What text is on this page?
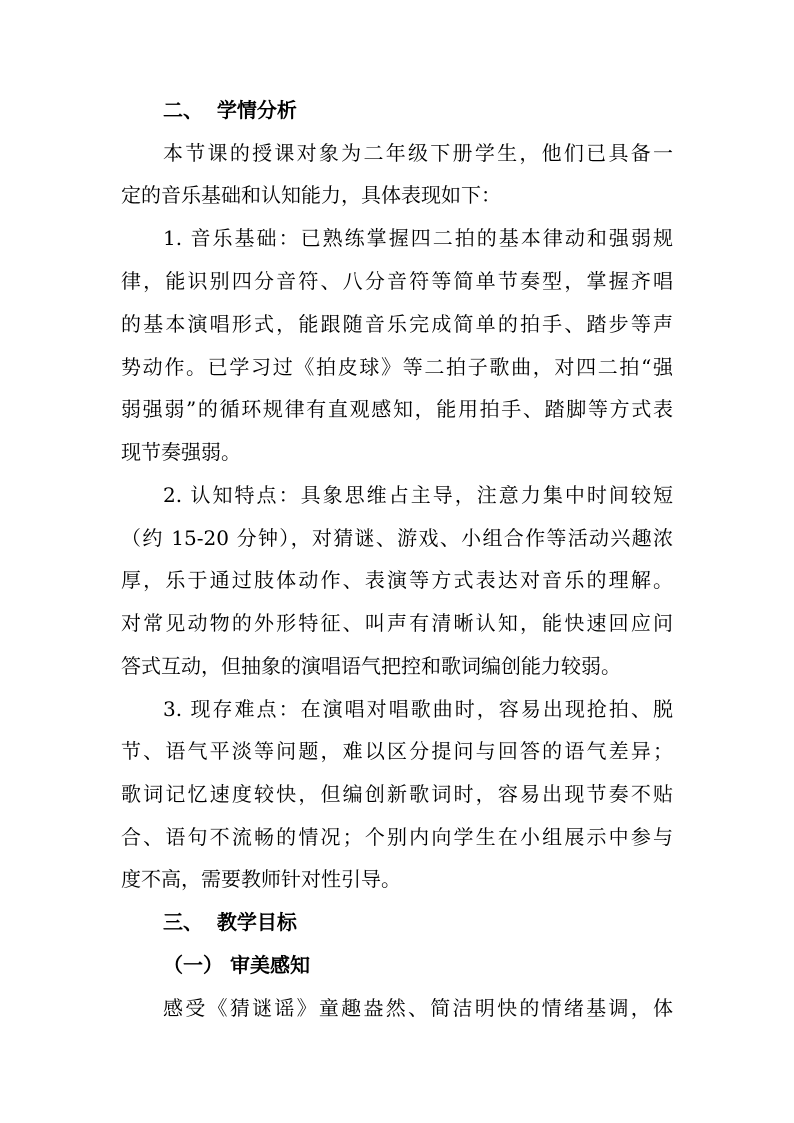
二、  学情分析
本节课的授课对象为二年级下册学生，他们已具备一
定的音乐基础和认知能力，具体表现如下：
1. 音乐基础：已熟练掌握四二拍的基本律动和强弱规
律，能识别四分音符、八分音符等简单节奏型，掌握齐唱
的基本演唱形式，能跟随音乐完成简单的拍手、踏步等声
势动作。已学习过《拍皮球》等二拍子歌曲，对四二拍“强
弱强弱”的循环规律有直观感知，能用拍手、踏脚等方式表
现节奏强弱。
2. 认知特点：具象思维占主导，注意力集中时间较短
（约 15-20 分钟），对猜谜、游戏、小组合作等活动兴趣浓
厚，乐于通过肢体动作、表演等方式表达对音乐的理解。
对常见动物的外形特征、叫声有清晰认知，能快速回应问
答式互动，但抽象的演唱语气把控和歌词编创能力较弱。
3. 现存难点：在演唱对唱歌曲时，容易出现抢拍、脱
节、语气平淡等问题，难以区分提问与回答的语气差异；
歌词记忆速度较快，但编创新歌词时，容易出现节奏不贴
合、语句不流畅的情况；个别内向学生在小组展示中参与
度不高，需要教师针对性引导。
三、  教学目标
（一） 审美感知
感受《猜谜谣》童趣盎然、简洁明快的情绪基调，体
